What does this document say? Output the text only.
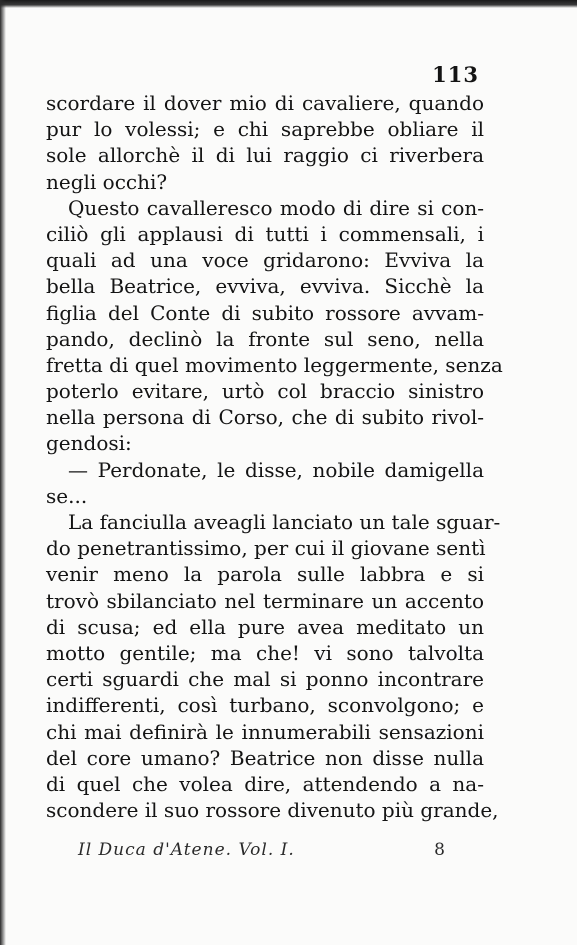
113
scordare il dover mio di cavaliere, quando
pur lo volessi; e chi saprebbe obliare il
sole allorchè il di lui raggio ci riverbera
negli occhi?
Questo cavalleresco modo di dire si con-
ciliò gli applausi di tutti i commensali, i
quali ad una voce gridarono: Evviva la
bella Beatrice, evviva, evviva. Sicchè la
figlia del Conte di subito rossore avvam-
pando, declinò la fronte sul seno, nella
fretta di quel movimento leggermente, senza
poterlo evitare, urtò col braccio sinistro
nella persona di Corso, che di subito rivol-
gendosi:
— Perdonate, le disse, nobile damigella
se...
La fanciulla aveagli lanciato un tale sguar-
do penetrantissimo, per cui il giovane sentì
venir meno la parola sulle labbra e si
trovò sbilanciato nel terminare un accento
di scusa; ed ella pure avea meditato un
motto gentile; ma che! vi sono talvolta
certi sguardi che mal si ponno incontrare
indifferenti, così turbano, sconvolgono; e
chi mai definirà le innumerabili sensazioni
del core umano? Beatrice non disse nulla
di quel che volea dire, attendendo a na-
scondere il suo rossore divenuto più grande,
Il Duca d'Atene. Vol. I.	8
